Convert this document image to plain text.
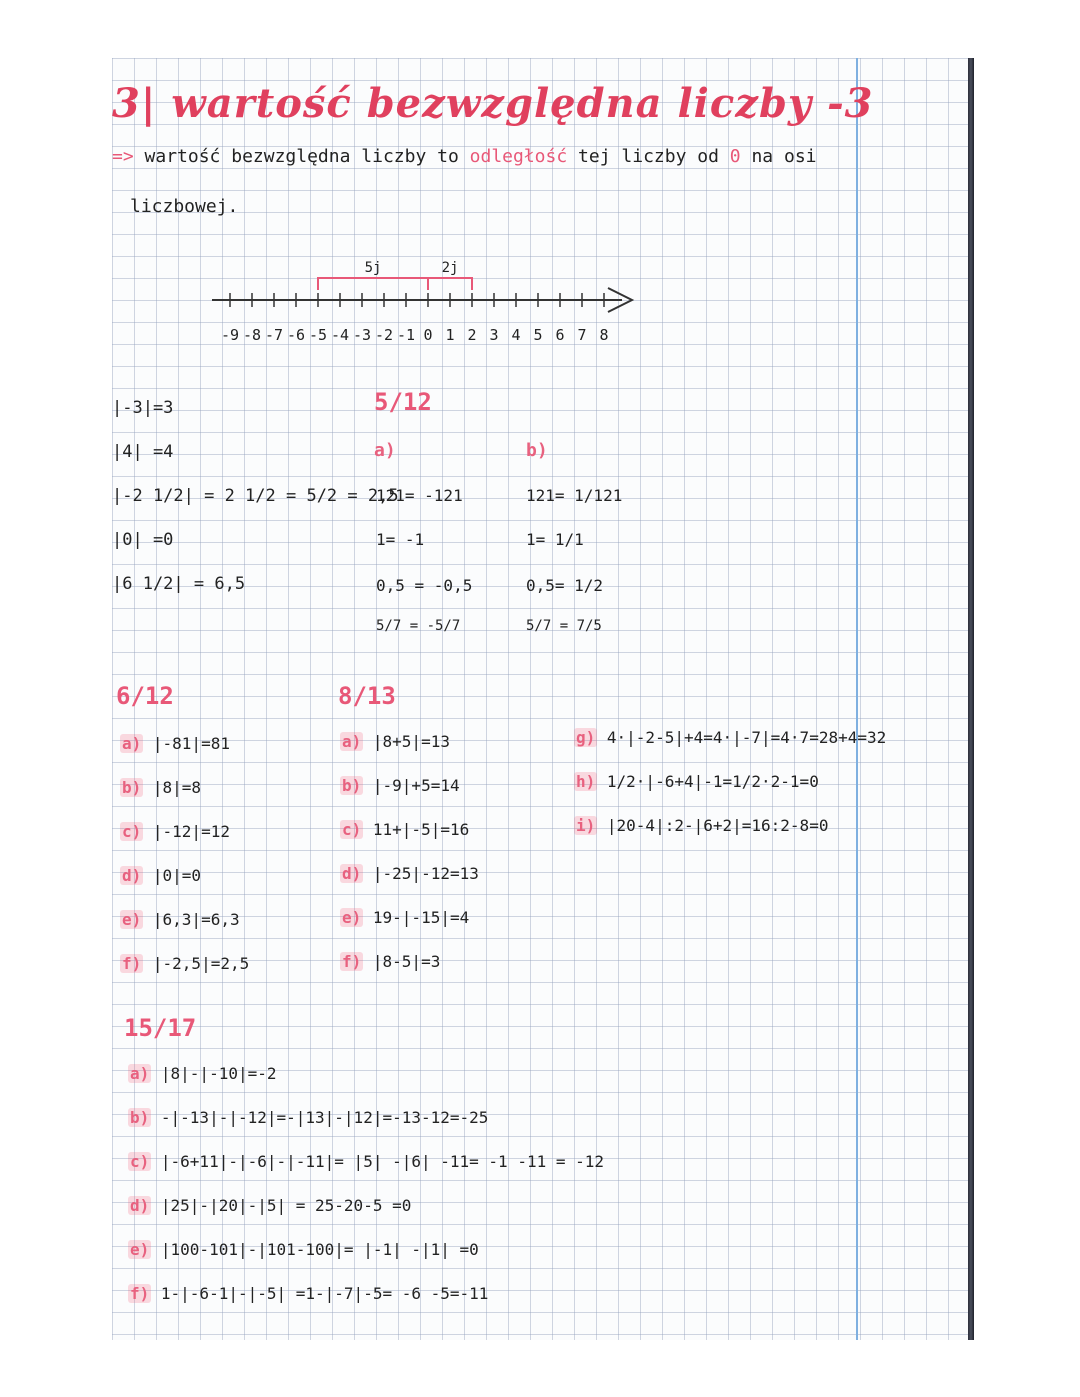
3| wartość bezwzględna liczby -3
=> wartość bezwzględna liczby to odległość tej liczby od 0 na osi
liczbowej.
-9 -8 -7 -6 -5 -4 -3 -2 -1 0 1 2 3 4 5 6 7 8
5j	2j
|-3|=3
|4| =4
|-2 1/2| = 2 1/2 = 5/2 = 2,5
|0| =0
|6 1/2| = 6,5
5/12
a)	b)
121= -121
1= -1
0,5 = -0,5
5/7 = -5/7
121= 1/121
1= 1/1
0,5= 1/2
5/7 = 7/5
6/12
a) |-81|=81
b) |8|=8
c) |-12|=12
d) |0|=0
e) |6,3|=6,3
f) |-2,5|=2,5
8/13
a) |8+5|=13
b) |-9|+5=14
c) 11+|-5|=16
d) |-25|-12=13
e) 19-|-15|=4
f) |8-5|=3
g) 4·|-2-5|+4=4·|-7|=4·7=28+4=32
h) 1/2·|-6+4|-1=1/2·2-1=0
i) |20-4|:2-|6+2|=16:2-8=0
15/17
a) |8|-|-10|=-2
b) -|-13|-|-12|=-|13|-|12|=-13-12=-25
c) |-6+11|-|-6|-|-11|= |5| -|6| -11= -1 -11 = -12
d) |25|-|20|-|5| = 25-20-5 =0
e) |100-101|-|101-100|= |-1| -|1| =0
f) 1-|-6-1|-|-5| =1-|-7|-5= -6 -5=-11
